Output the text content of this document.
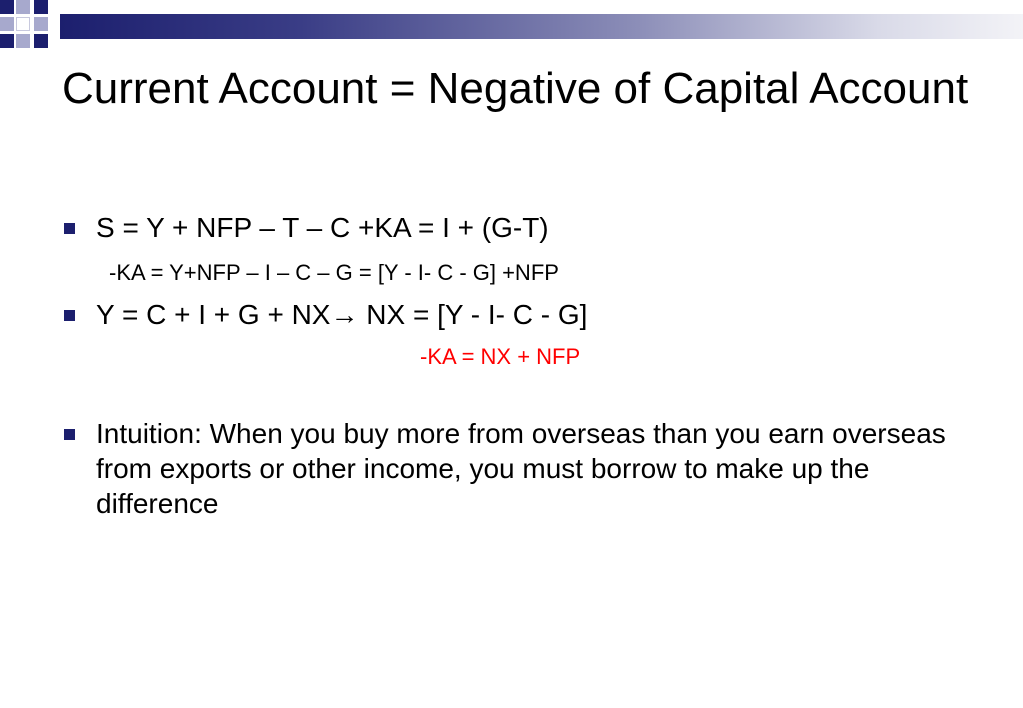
Current Account = Negative of Capital Account
S = Y + NFP – T – C +KA = I + (G-T)
-KA = Y+NFP – I – C – G = [Y - I- C - G] +NFP
Y = C + I + G + NX→ NX = [Y - I- C - G]
-KA = NX + NFP
Intuition: When you buy more from overseas than you earn overseas from exports or other income, you must borrow to make up the difference
